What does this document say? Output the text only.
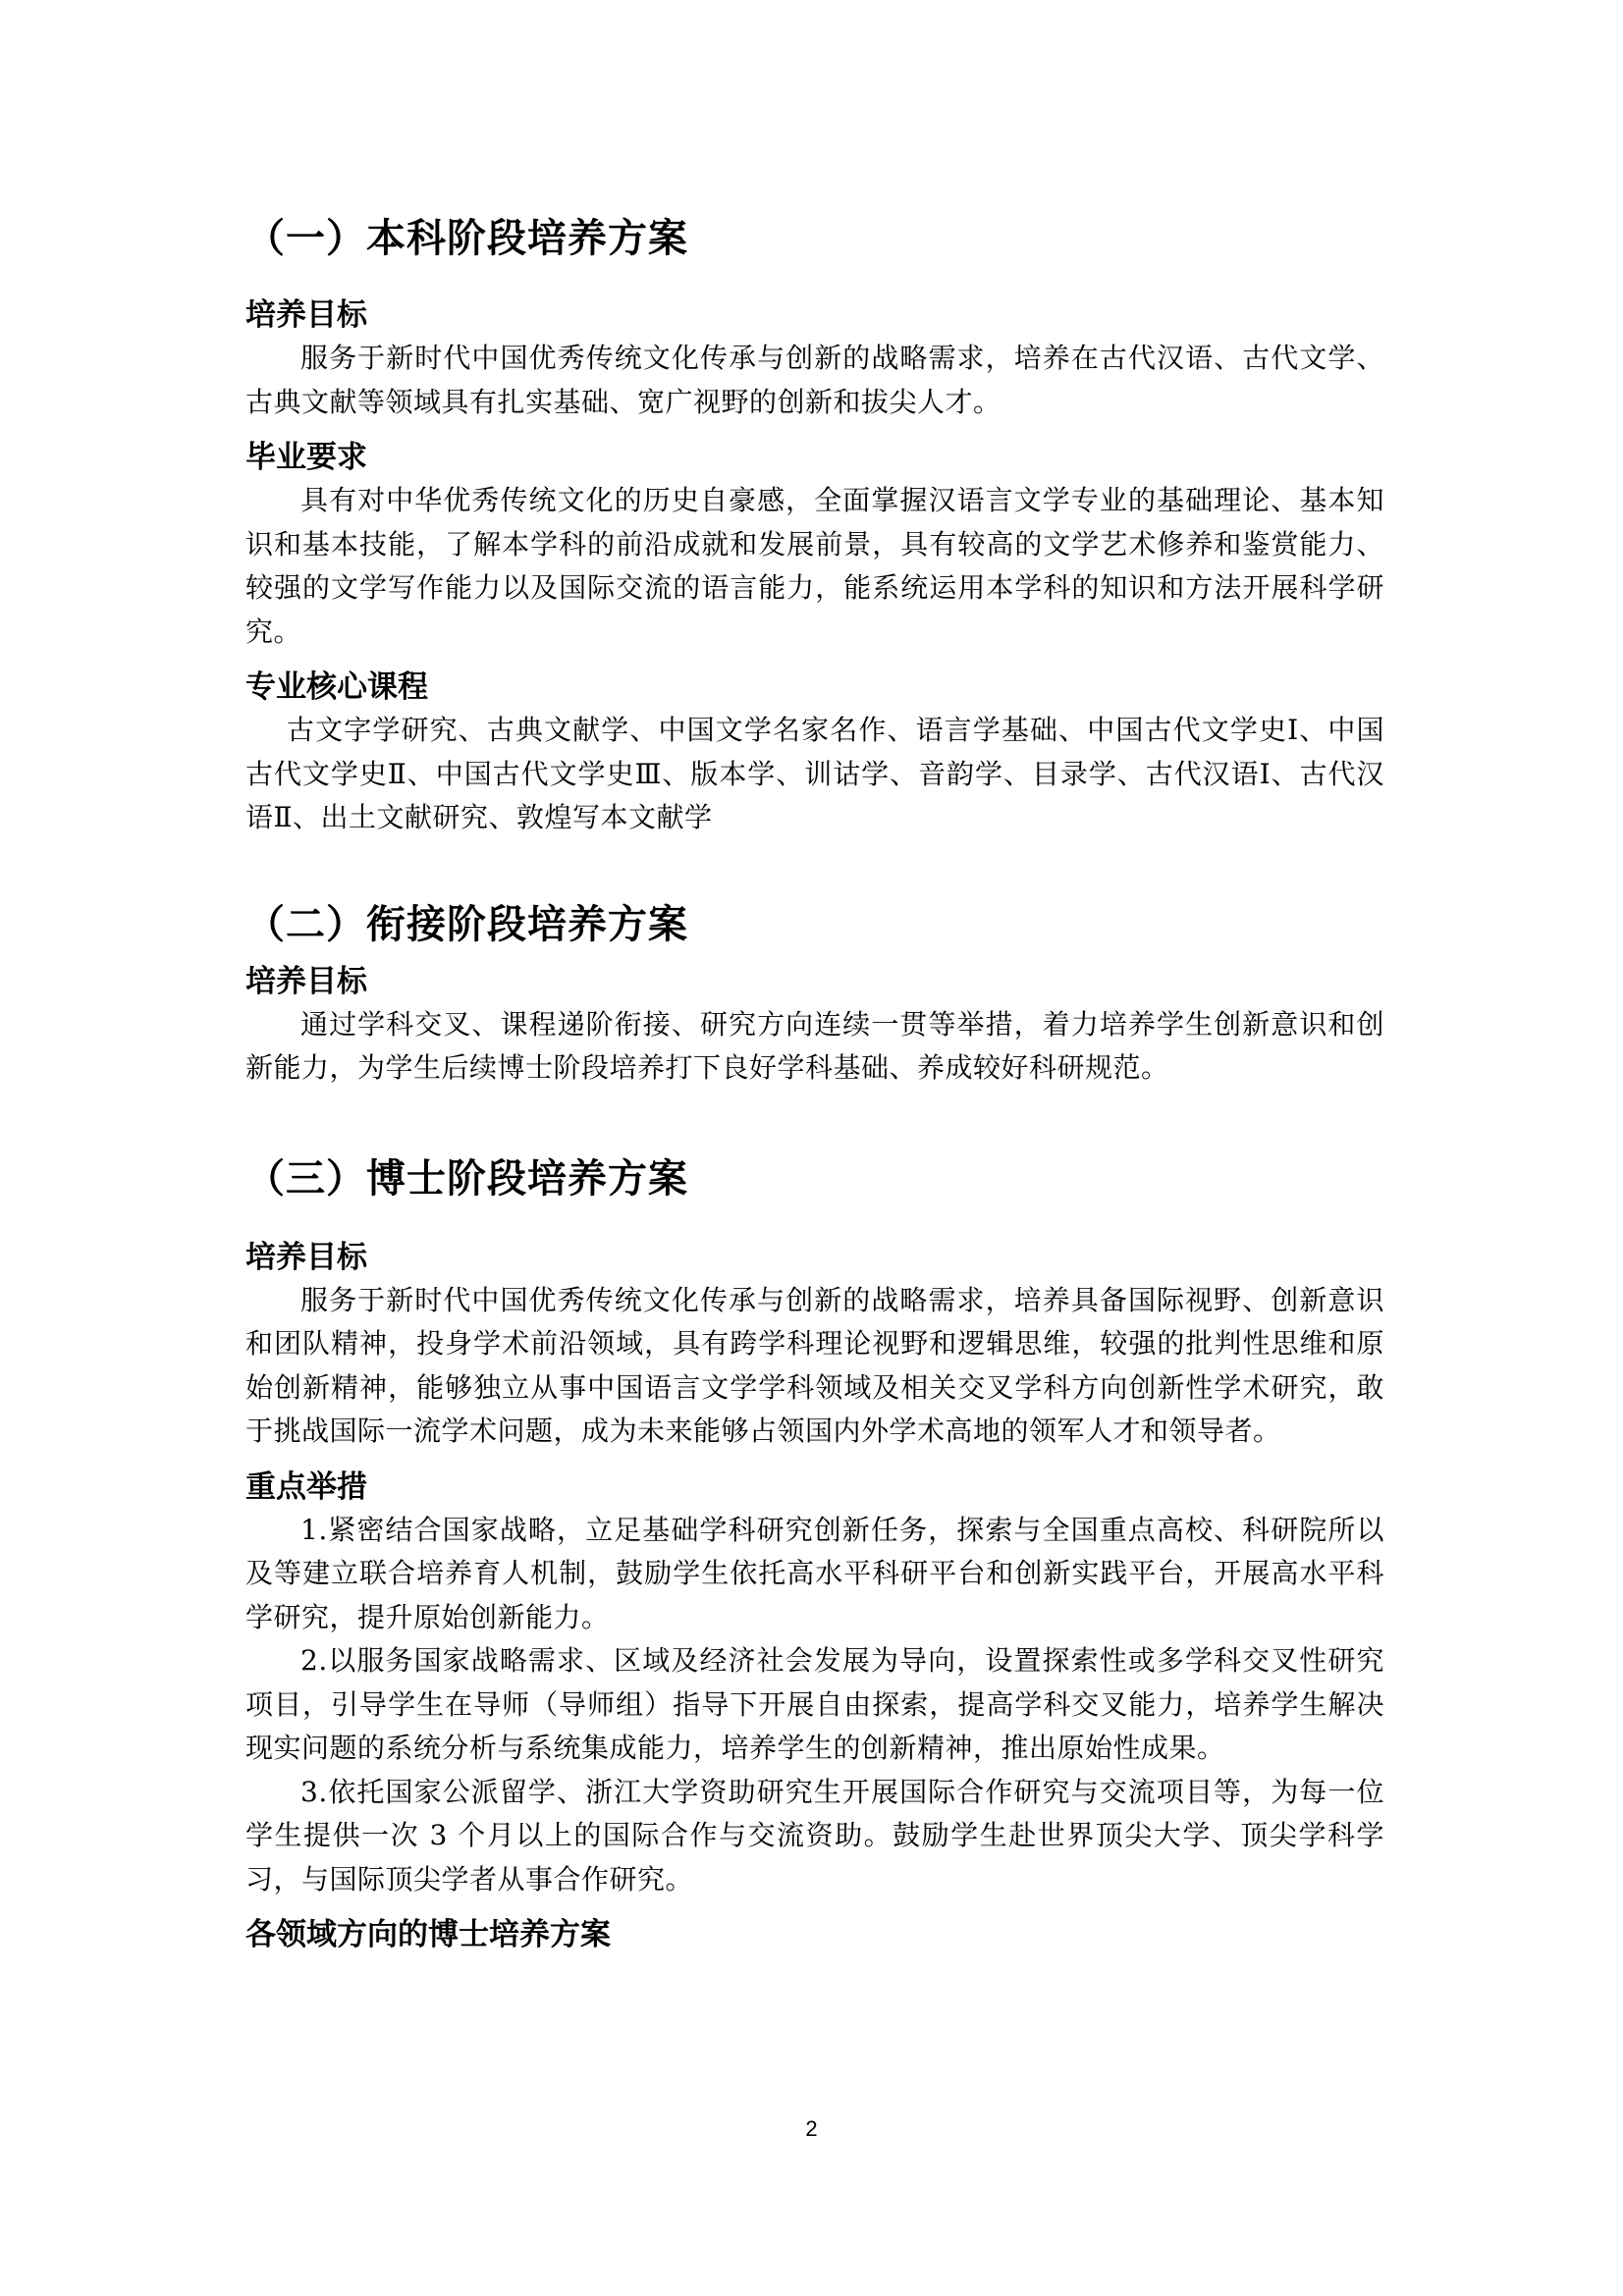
（一）本科阶段培养方案
培养目标

服务于新时代中国优秀传统文化传承与创新的战略需求，培养在古代汉语、古代文学、古典文献等领域具有扎实基础、宽广视野的创新和拔尖人才。

毕业要求

具有对中华优秀传统文化的历史自豪感，全面掌握汉语言文学专业的基础理论、基本知识和基本技能，了解本学科的前沿成就和发展前景，具有较高的文学艺术修养和鉴赏能力、较强的文学写作能力以及国际交流的语言能力，能系统运用本学科的知识和方法开展科学研究。

专业核心课程

古文字学研究、古典文献学、中国文学名家名作、语言学基础、中国古代文学史Ⅰ、中国古代文学史Ⅱ、中国古代文学史Ⅲ、版本学、训诂学、音韵学、目录学、古代汉语Ⅰ、古代汉语Ⅱ、出土文献研究、敦煌写本文献学

（二）衔接阶段培养方案
培养目标

通过学科交叉、课程递阶衔接、研究方向连续一贯等举措，着力培养学生创新意识和创新能力，为学生后续博士阶段培养打下良好学科基础、养成较好科研规范。

（三）博士阶段培养方案
培养目标

服务于新时代中国优秀传统文化传承与创新的战略需求，培养具备国际视野、创新意识和团队精神，投身学术前沿领域，具有跨学科理论视野和逻辑思维，较强的批判性思维和原始创新精神，能够独立从事中国语言文学学科领域及相关交叉学科方向创新性学术研究，敢于挑战国际一流学术问题，成为未来能够占领国内外学术高地的领军人才和领导者。

重点举措

1.紧密结合国家战略，立足基础学科研究创新任务，探索与全国重点高校、科研院所以及等建立联合培养育人机制，鼓励学生依托高水平科研平台和创新实践平台，开展高水平科学研究，提升原始创新能力。

2.以服务国家战略需求、区域及经济社会发展为导向，设置探索性或多学科交叉性研究项目，引导学生在导师（导师组）指导下开展自由探索，提高学科交叉能力，培养学生解决现实问题的系统分析与系统集成能力，培养学生的创新精神，推出原始性成果。

3.依托国家公派留学、浙江大学资助研究生开展国际合作研究与交流项目等，为每一位学生提供一次 3 个月以上的国际合作与交流资助。鼓励学生赴世界顶尖大学、顶尖学科学习，与国际顶尖学者从事合作研究。

各领域方向的博士培养方案
2
